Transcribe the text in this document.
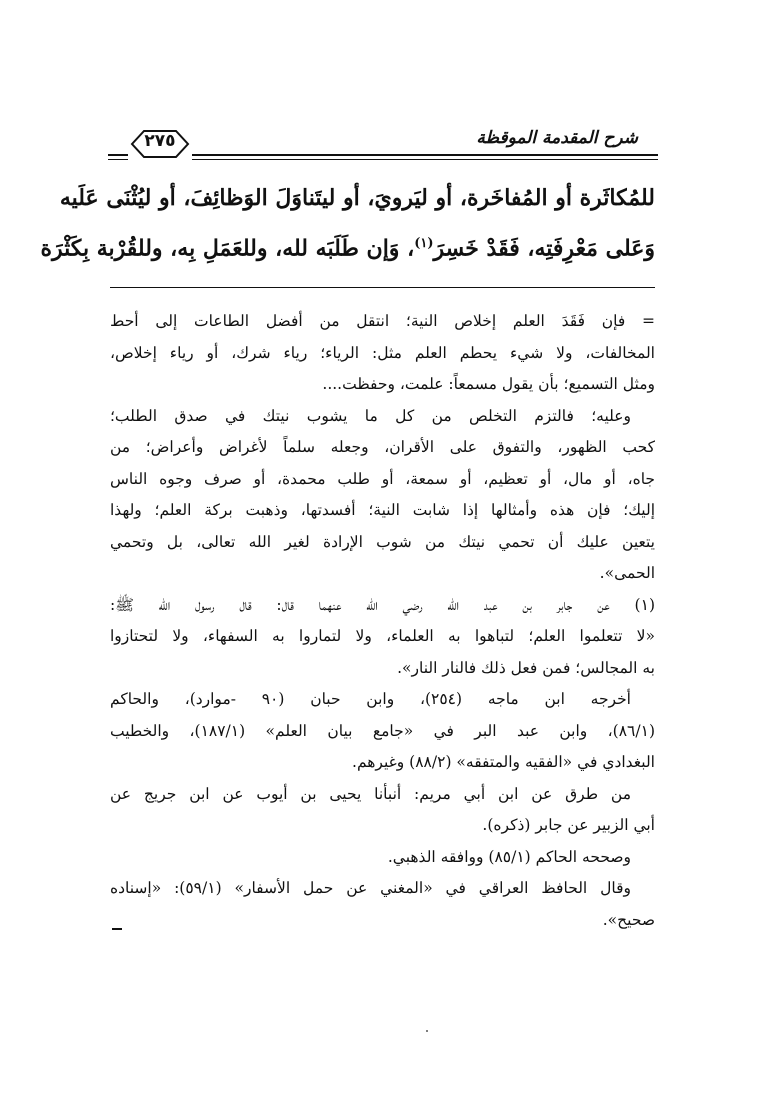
٢٧٥	شرح المقدمة الموقظة
للمُكاثَرة أو المُفاخَرة، أو ليَرويَ، أو ليتَناوَلَ الوَظائِفَ، أو ليُثْنَى عَلَيه
وَعَلى مَعْرِفَتِه، فَقَدْ خَسِرَ$^{(١)}$، وَإن طَلَبَه لله، وللعَمَلِ بِه، وللقُرْبة بِكَثْرَة
= فإن فَقَدَ العلم إخلاص النية؛ انتقل من أفضل الطاعات إلى أحط
المخالفات، ولا شيء يحطم العلم مثل: الرياء؛ رياء شرك، أو رياء إخلاص،
ومثل التسميع؛ بأن يقول مسمعاً: علمت، وحفظت....
وعليه؛ فالتزم التخلص من كل ما يشوب نيتك في صدق الطلب؛
كحب الظهور، والتفوق على الأقران، وجعله سلماً لأغراض وأعراض؛ من
جاه، أو مال، أو تعظيم، أو سمعة، أو طلب محمدة، أو صرف وجوه الناس
إليك؛ فإن هذه وأمثالها إذا شابت النية؛ أفسدتها، وذهبت بركة العلم؛ ولهذا
يتعين عليك أن تحمي نيتك من شوب الإرادة لغير الله تعالى، بل وتحمي
الحمى».
(١) عن جابر بن عبد الله رضي الله عنهما قال: قال رسول الله ﷺ:
«لا تتعلموا العلم؛ لتباهوا به العلماء، ولا لتماروا به السفهاء، ولا لتحتازوا
به المجالس؛ فمن فعل ذلك فالنار النار».
أخرجه ابن ماجه (٢٥٤)، وابن حبان (٩٠ -موارد)، والحاكم
(٨٦/١)، وابن عبد البر في «جامع بيان العلم» (١٨٧/١)، والخطيب
البغدادي في «الفقيه والمتفقه» (٨٨/٢) وغيرهم.
من طرق عن ابن أبي مريم: أنبأنا يحيى بن أيوب عن ابن جريج عن
أبي الزبير عن جابر (ذكره).
وصححه الحاكم (٨٥/١) ووافقه الذهبي.
وقال الحافظ العراقي في «المغني عن حمل الأسفار» (٥٩/١): «إسناده
صحيح».
